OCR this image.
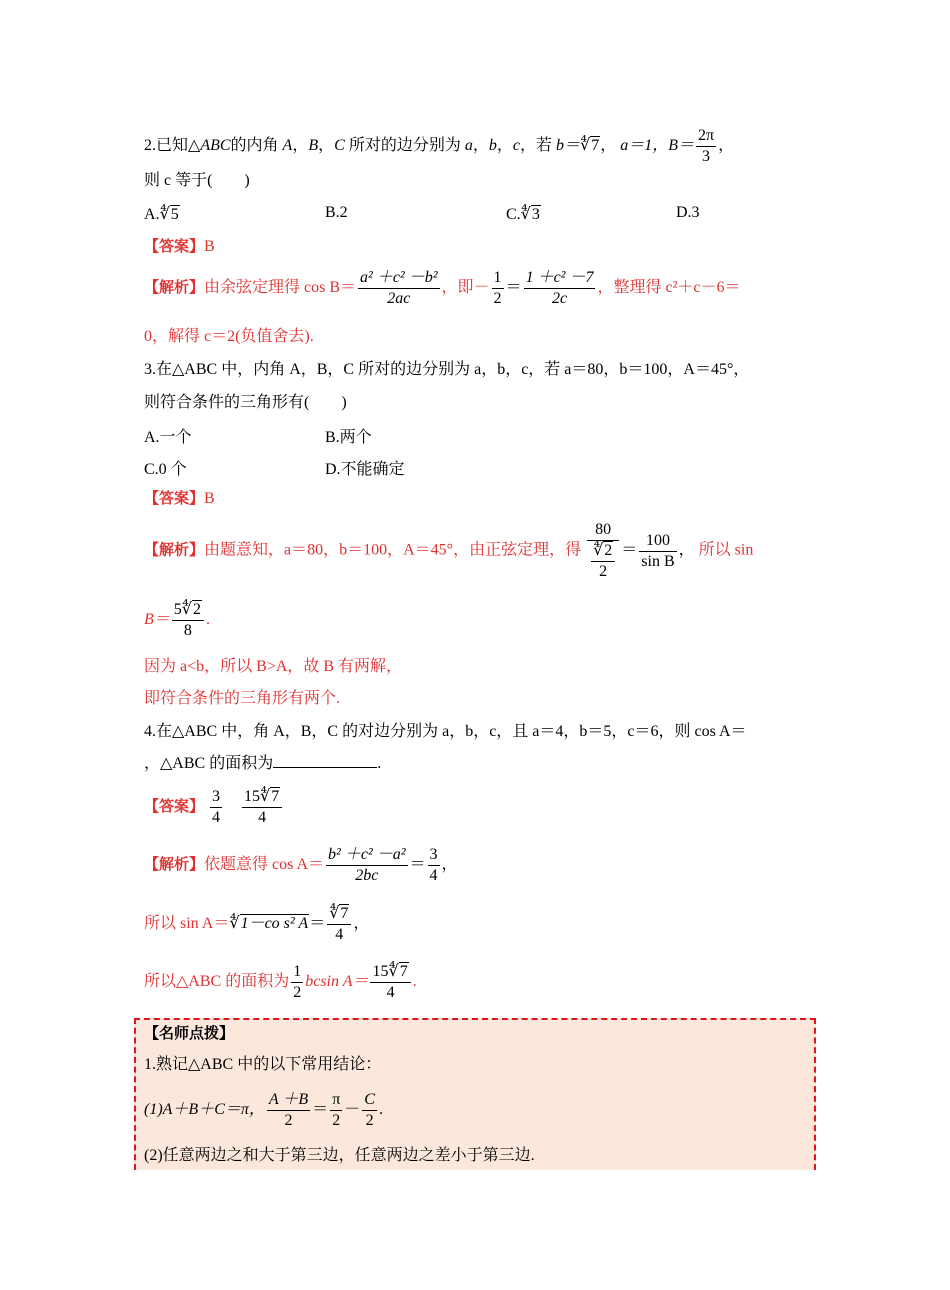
2.已知△ABC的内角 A，B，C 所对的边分别为 a，b，c，若 b＝∜7， a＝1，$B= \frac{2\pi}{3}$ ，
则 c 等于(　　)
A.∜5	B.2	C.∜3	D.3
【答案】B
【解析】由余弦定理得 $\cos B= \frac{\text{a² ＋c² －b²}}{2ac}$ ，即－ $\frac{1}{2} = \frac{\text{1 ＋c² －7}}{2c}$ ，整理得 c²＋c－6＝
0，解得 c＝2(负值舍去).
3.在△ABC 中，内角 A，B，C 所对的边分别为 a，b，c，若 a＝80，b＝100，A＝45°，
则符合条件的三角形有(　　)
A.一个	B.两个
C.0 个	D.不能确定
【答案】B
【解析】由题意知，a＝80，b＝100，A＝45°，由正弦定理，得 $\frac{80}{\frac{∜2}{2}} = \frac{100}{\text{sin B}}$ ， 所以 sin
$B= \frac{5∜2}{8}$ .
因为 a<b，所以 B>A，故 B 有两解，
即符合条件的三角形有两个.
4.在△ABC 中，角 A，B，C 的对边分别为 a，b，c，且 a＝4，b＝5，c＝6，则 cos A＝
，△ABC 的面积为	.
【答案】 $\frac{3}{4}$
$\frac{15∜7}{4}$
【解析】依题意得 $\cos A= \frac{\text{b² ＋c² －a²}}{2bc} = \frac{3}{4}$ ，
所以 sin A＝∜1－co s² $A= \frac{∜7}{4}$ ，
所以△ABC 的面积为 $\frac{1}{2}$ bcsin $A= \frac{15∜7}{4}$ .
【名师点拨】
1.熟记△ABC 中的以下常用结论：
(1)A＋B＋C＝π， $\frac{A +B}{2} = \frac{\pi}{2} - \frac{C}{2}$ .
(2)任意两边之和大于第三边，任意两边之差小于第三边.
